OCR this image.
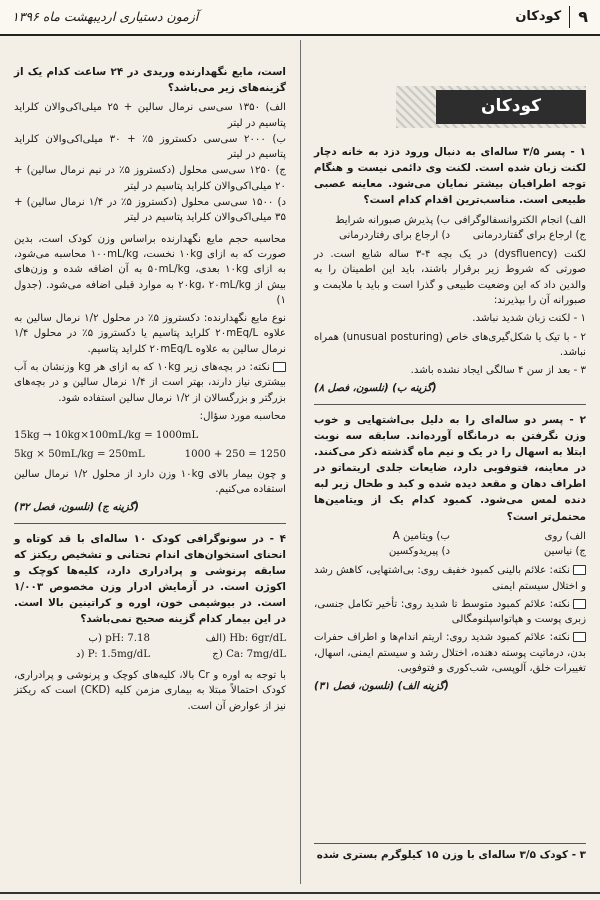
۹
کودکان
آزمون دستیاری اردیبهشت ماه ۱۳۹۶
کودکان

۱ - پسر ۳/۵ ساله‌ای به دنبال ورود دزد به خانه دچار لکنت زبان شده است. لکنت وی دائمی نیست و هنگام توجه اطرافیان بیشتر نمایان می‌شود. معاینه عصبی طبیعی است. مناسب‌ترین اقدام کدام است؟

الف) انجام الکتروانسفالوگرافی
ب) پذیرش صبورانه شرایط
ج) ارجاع برای گفتاردرمانی
د) ارجاع برای رفتاردرمانی

لکنت (dysfluency) در یک بچه ۴-۳ ساله شایع است. در صورتی که شروط زیر برقرار باشند، باید این اطمینان را به والدین داد که این وضعیت طبیعی و گذرا است و باید با ملایمت و صبورانه آن را بپذیرند:

۱ - لکنت زبان شدید نباشد.

۲ - با تیک یا شکل‌گیری‌های خاص (unusual posturing) همراه نباشد.

۳ - بعد از سن ۴ سالگی ایجاد نشده باشد.

(گزینه ب) (نلسون، فصل ۸)

۲ - پسر دو ساله‌ای را به دلیل بی‌اشتهایی و خوب وزن نگرفتن به درمانگاه آورده‌اند. سابقه سه نوبت ابتلا به اسهال را در یک و نیم ماه گذشته ذکر می‌کنند. در معاینه، فتوفوبی دارد، ضایعات جلدی اریتماتو در اطراف دهان و مقعد دیده شده و کبد و طحال زیر لبه دنده لمس می‌شود. کمبود کدام یک از ویتامین‌ها محتمل‌تر است؟

الف) روی
ب) ویتامین A
ج) نیاسین
د) پیریدوکسین

نکته: علائم بالینی کمبود خفیف روی: بی‌اشتهایی، کاهش رشد و اختلال سیستم ایمنی

نکته: علائم کمبود متوسط تا شدید روی: تأخیر تکامل جنسی، زبری پوست و هپاتواسپلنومگالی

نکته: علائم کمبود شدید روی: اریتم اندام‌ها و اطراف حفرات بدن، درماتیت پوسته دهنده، اختلال رشد و سیستم ایمنی، اسهال، تغییرات خلق، آلوپسی، شب‌کوری و فتوفوبی.

(گزینه الف) (نلسون، فصل ۳۱)
۳ - کودک ۳/۵ ساله‌ای با وزن ۱۵ کیلوگرم بستری شده

است، مایع نگهدارنده وریدی در ۲۴ ساعت کدام یک از گزینه‌های زیر می‌باشد؟

الف) ۱۳۵۰ سی‌سی نرمال سالین + ۲۵ میلی‌اکی‌والان کلراید پتاسیم در لیتر

ب) ۲۰۰۰ سی‌سی دکستروز ۵٪ + ۳۰ میلی‌اکی‌والان کلراید پتاسیم در لیتر

ج) ۱۲۵۰ سی‌سی محلول (دکستروز ۵٪ در نیم نرمال سالین) + ۲۰ میلی‌اکی‌والان کلراید پتاسیم در لیتر

د) ۱۵۰۰ سی‌سی محلول (دکستروز ۵٪ در ۱/۴ نرمال سالین) + ۳۵ میلی‌اکی‌والان کلراید پتاسیم در لیتر

محاسبه حجم مایع نگهدارنده براساس وزن کودک است، بدین صورت که به ازای ۱۰kg نخست، ۱۰۰mL/kg محاسبه می‌شود، به ازای ۱۰kg بعدی، ۵۰mL/kg به آن اضافه شده و وزن‌های بیش از ۲۰kg، ۲۰mL/kg به موارد قبلی اضافه می‌شود. (جدول ۱)

نوع مایع نگهدارنده: دکستروز ۵٪ در محلول ۱/۲ نرمال سالین به علاوه ۲۰mEq/L کلراید پتاسیم یا دکستروز ۵٪ در محلول ۱/۴ نرمال سالین به علاوه ۲۰mEq/L کلراید پتاسیم.

نکته: در بچه‌های زیر ۱۰kg که به ازای هر kg وزنشان به آب بیشتری نیاز دارند، بهتر است از ۱/۴ نرمال سالین و در بچه‌های بزرگتر و بزرگسالان از ۱/۲ نرمال سالین استفاده شود.

محاسبه مورد سؤال:

15kg → 10kg×100mL/kg = 1000mL
5kg × 50mL/kg = 250mL	1000 + 250 = 1250

و چون بیمار بالای ۱۰kg وزن دارد از محلول ۱/۲ نرمال سالین استفاده می‌کنیم.

(گزینه ج) (نلسون، فصل ۳۲)

۴ - در سونوگرافی کودک ۱۰ ساله‌ای با قد کوتاه و انحنای استخوان‌های اندام تحتانی و تشخیص ریکتز که سابقه پرنوشی و پرادراری دارد، کلیه‌ها کوچک و اکوژن است. در آزمایش ادرار وزن مخصوص ۱/۰۰۳ است. در بیوشیمی خون، اوره و کراتینین بالا است. در این بیمار کدام گزینه صحیح نمی‌باشد؟

الف) Hb: 6gr/dL
ب) pH: 7.18
ج) Ca: 7mg/dL
د) P: 1.5mg/dL

با توجه به اوره و Cr بالا، کلیه‌های کوچک و پرنوشی و پرادراری، کودک احتمالاً مبتلا به بیماری مزمن کلیه (CKD) است که ریکتز نیز از عوارض آن است.
